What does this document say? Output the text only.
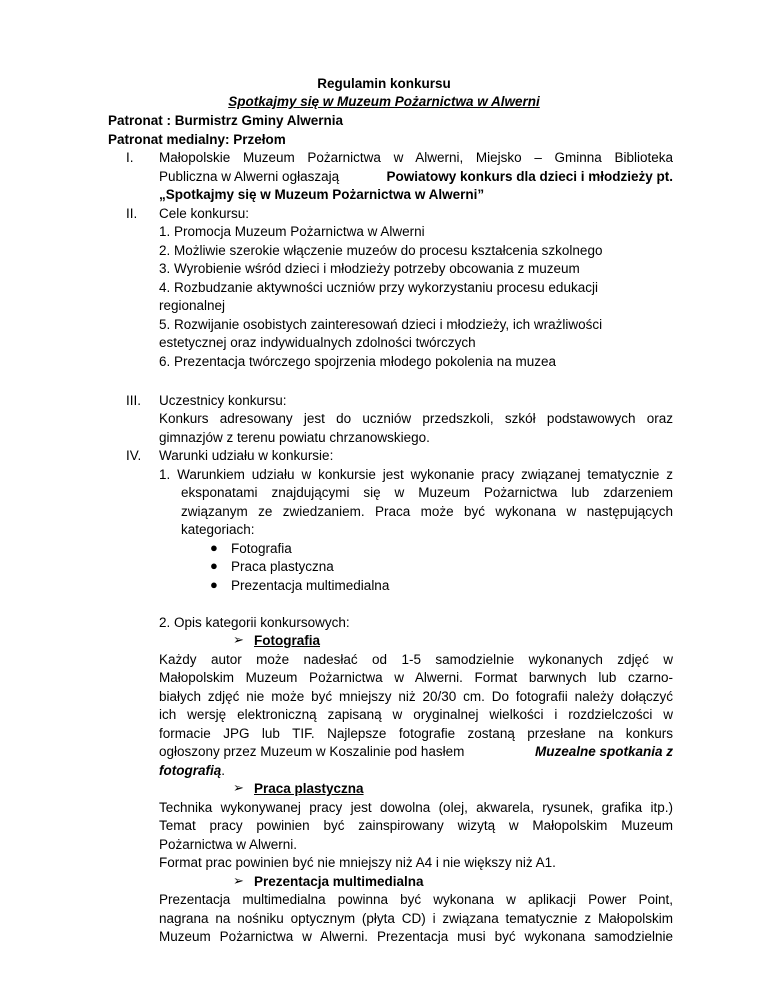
Regulamin konkursu
Spotkajmy się w Muzeum Pożarnictwa w Alwerni
Patronat : Burmistrz Gminy Alwernia
Patronat medialny: Przełom
I. Małopolskie Muzeum Pożarnictwa w Alwerni, Miejsko – Gminna Biblioteka
Publiczna w Alwerni ogłaszają	Powiatowy konkurs dla dzieci i młodzieży pt.
„Spotkajmy się w Muzeum Pożarnictwa w Alwerni”
II. Cele konkursu:
1. Promocja Muzeum Pożarnictwa w Alwerni
2. Możliwie szerokie włączenie muzeów do procesu kształcenia szkolnego
3. Wyrobienie wśród dzieci i młodzieży potrzeby obcowania z muzeum
4. Rozbudzanie aktywności uczniów przy wykorzystaniu procesu edukacji
regionalnej
5. Rozwijanie osobistych zainteresowań dzieci i młodzieży, ich wrażliwości
estetycznej oraz indywidualnych zdolności twórczych
6. Prezentacja twórczego spojrzenia młodego pokolenia na muzea
III. Uczestnicy konkursu:
Konkurs adresowany jest do uczniów przedszkoli, szkół podstawowych oraz
gimnazjów z terenu powiatu chrzanowskiego.
IV. Warunki udziału w konkursie:
1. Warunkiem udziału w konkursie jest wykonanie pracy związanej tematycznie z
eksponatami znajdującymi się w Muzeum Pożarnictwa lub zdarzeniem
związanym ze zwiedzaniem. Praca może być wykonana w następujących
kategoriach:
● Fotografia
● Praca plastyczna
● Prezentacja multimedialna
2. Opis kategorii konkursowych:
➢ Fotografia
Każdy autor może nadesłać od 1-5 samodzielnie wykonanych zdjęć w
Małopolskim Muzeum Pożarnictwa w Alwerni. Format barwnych lub czarno-
białych zdjęć nie może być mniejszy niż 20/30 cm. Do fotografii należy dołączyć
ich wersję elektroniczną zapisaną w oryginalnej wielkości i rozdzielczości w
formacie JPG lub TIF. Najlepsze fotografie zostaną przesłane na konkurs
ogłoszony przez Muzeum w Koszalinie pod hasłem	Muzealne spotkania z
fotografią.
➢ Praca plastyczna
Technika wykonywanej pracy jest dowolna (olej, akwarela, rysunek, grafika itp.)
Temat pracy powinien być zainspirowany wizytą w Małopolskim Muzeum
Pożarnictwa w Alwerni.
Format prac powinien być nie mniejszy niż A4 i nie większy niż A1.
➢ Prezentacja multimedialna
Prezentacja multimedialna powinna być wykonana w aplikacji Power Point,
nagrana na nośniku optycznym (płyta CD) i związana tematycznie z Małopolskim
Muzeum Pożarnictwa w Alwerni. Prezentacja musi być wykonana samodzielnie
